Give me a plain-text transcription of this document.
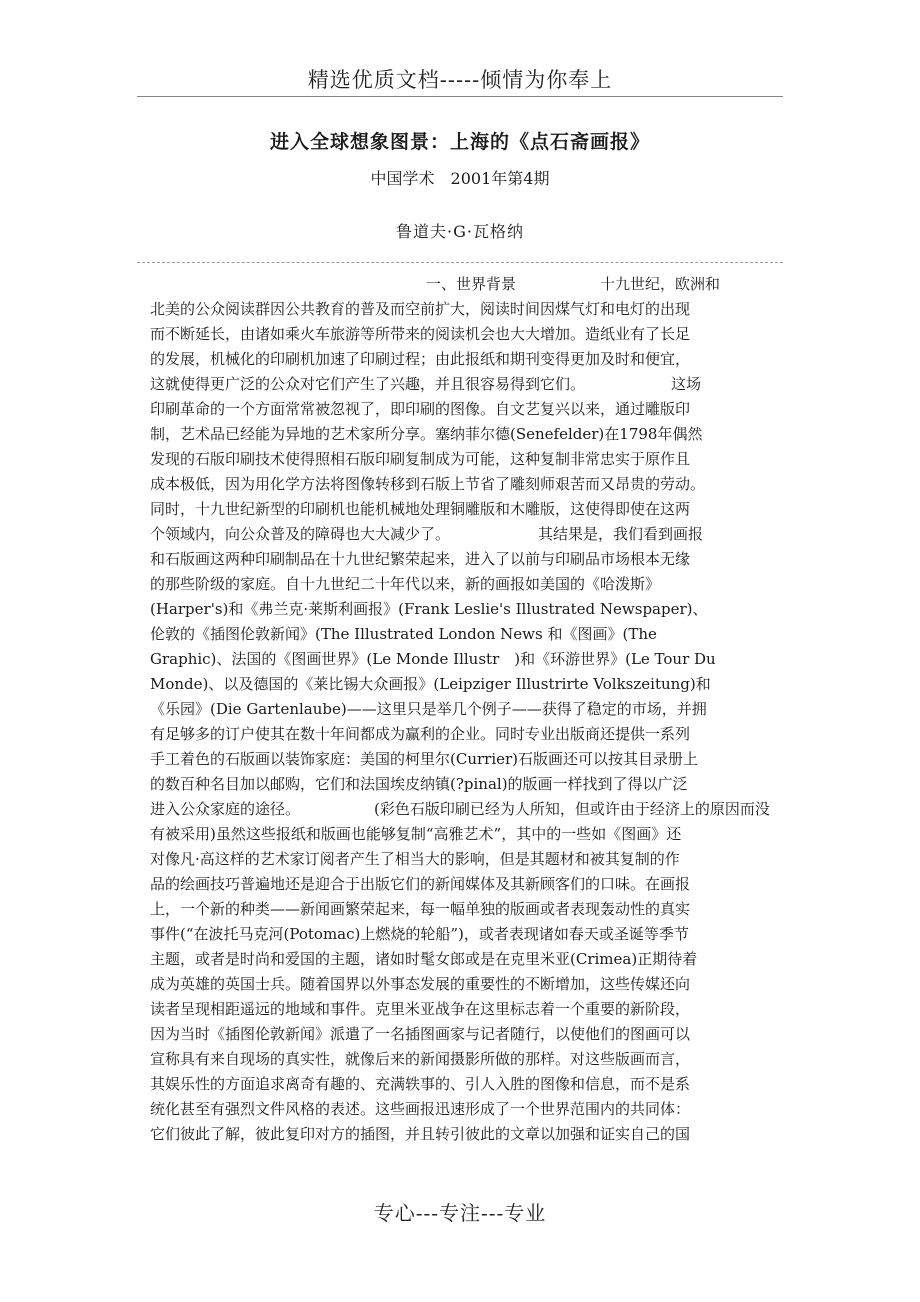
精选优质文档-----倾情为你奉上
进入全球想象图景：上海的《点石斋画报》
中国学术　2001年第4期
鲁道夫·G·瓦格纳
一、世界背景	十九世纪，欧洲和
北美的公众阅读群因公共教育的普及而空前扩大，阅读时间因煤气灯和电灯的出现
而不断延长，由诸如乘火车旅游等所带来的阅读机会也大大增加。造纸业有了长足
的发展，机械化的印刷机加速了印刷过程；由此报纸和期刊变得更加及时和便宜，
这就使得更广泛的公众对它们产生了兴趣，并且很容易得到它们。	这场
印刷革命的一个方面常常被忽视了，即印刷的图像。自文艺复兴以来，通过雕版印
制，艺术品已经能为异地的艺术家所分享。塞纳菲尔德(Senefelder)在1798年偶然
发现的石版印刷技术使得照相石版印刷复制成为可能，这种复制非常忠实于原作且
成本极低，因为用化学方法将图像转移到石版上节省了雕刻师艰苦而又昂贵的劳动。
同时，十九世纪新型的印刷机也能机械地处理铜雕版和木雕版，这使得即使在这两
个领域内，向公众普及的障碍也大大减少了。	其结果是，我们看到画报
和石版画这两种印刷制品在十九世纪繁荣起来，进入了以前与印刷品市场根本无缘
的那些阶级的家庭。自十九世纪二十年代以来，新的画报如美国的《哈泼斯》
(Harper's)和《弗兰克·莱斯利画报》(Frank Leslie's Illustrated Newspaper)、
伦敦的《插图伦敦新闻》(The Illustrated London News 和《图画》(The
Graphic)、法国的《图画世界》(Le Monde Illustr　)和《环游世界》(Le Tour Du
Monde)、以及德国的《莱比锡大众画报》(Leipziger Illustrirte Volkszeitung)和
《乐园》(Die Gartenlaube)——这里只是举几个例子——获得了稳定的市场，并拥
有足够多的订户使其在数十年间都成为赢利的企业。同时专业出版商还提供一系列
手工着色的石版画以装饰家庭：美国的柯里尔(Currier)石版画还可以按其目录册上
的数百种名目加以邮购，它们和法国埃皮纳镇(?pinal)的版画一样找到了得以广泛
进入公众家庭的途径。	(彩色石版印刷已经为人所知，但或许由于经济上的原因而没
有被采用)虽然这些报纸和版画也能够复制“高雅艺术”，其中的一些如《图画》还
对像凡·高这样的艺术家订阅者产生了相当大的影响，但是其题材和被其复制的作
品的绘画技巧普遍地还是迎合于出版它们的新闻媒体及其新顾客们的口味。在画报
上，一个新的种类——新闻画繁荣起来，每一幅单独的版画或者表现轰动性的真实
事件(“在波托马克河(Potomac)上燃烧的轮船”)，或者表现诸如春天或圣诞等季节
主题，或者是时尚和爱国的主题，诸如时髦女郎或是在克里米亚(Crimea)正期待着
成为英雄的英国士兵。随着国界以外事态发展的重要性的不断增加，这些传媒还向
读者呈现相距遥远的地域和事件。克里米亚战争在这里标志着一个重要的新阶段，
因为当时《插图伦敦新闻》派遣了一名插图画家与记者随行，以使他们的图画可以
宣称具有来自现场的真实性，就像后来的新闻摄影所做的那样。对这些版画而言，
其娱乐性的方面追求离奇有趣的、充满轶事的、引人入胜的图像和信息，而不是系
统化甚至有强烈文件风格的表述。这些画报迅速形成了一个世界范围内的共同体：
它们彼此了解，彼此复印对方的插图，并且转引彼此的文章以加强和证实自己的国
专心---专注---专业
